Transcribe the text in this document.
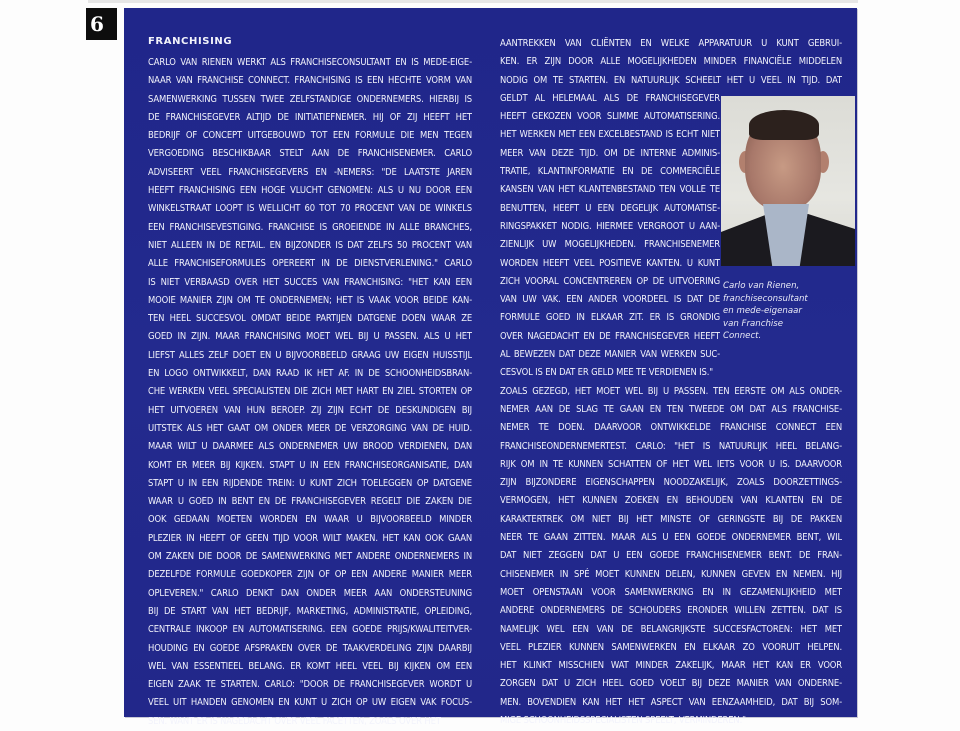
6
FRANCHISING
CARLO VAN RIENEN WERKT ALS FRANCHISECONSULTANT EN IS MEDE-EIGE-
NAAR VAN FRANCHISE CONNECT. FRANCHISING IS EEN HECHTE VORM VAN
SAMENWERKING TUSSEN TWEE ZELFSTANDIGE ONDERNEMERS. HIERBIJ IS
DE FRANCHISEGEVER ALTIJD DE INITIATIEFNEMER. HIJ OF ZIJ HEEFT HET
BEDRIJF OF CONCEPT UITGEBOUWD TOT EEN FORMULE DIE MEN TEGEN
VERGOEDING BESCHIKBAAR STELT AAN DE FRANCHISENEMER. CARLO
ADVISEERT VEEL FRANCHISEGEVERS EN -NEMERS: "DE LAATSTE JAREN
HEEFT FRANCHISING EEN HOGE VLUCHT GENOMEN: ALS U NU DOOR EEN
WINKELSTRAAT LOOPT IS WELLICHT 60 TOT 70 PROCENT VAN DE WINKELS
EEN FRANCHISEVESTIGING. FRANCHISE IS GROEIENDE IN ALLE BRANCHES,
NIET ALLEEN IN DE RETAIL. EN BIJZONDER IS DAT ZELFS 50 PROCENT VAN
ALLE FRANCHISEFORMULES OPEREERT IN DE DIENSTVERLENING." CARLO
IS NIET VERBAASD OVER HET SUCCES VAN FRANCHISING: "HET KAN EEN
MOOIE MANIER ZIJN OM TE ONDERNEMEN; HET IS VAAK VOOR BEIDE KAN-
TEN HEEL SUCCESVOL OMDAT BEIDE PARTIJEN DATGENE DOEN WAAR ZE
GOED IN ZIJN. MAAR FRANCHISING MOET WEL BIJ U PASSEN. ALS U HET
LIEFST ALLES ZELF DOET EN U BIJVOORBEELD GRAAG UW EIGEN HUISSTIJL
EN LOGO ONTWIKKELT, DAN RAAD IK HET AF. IN DE SCHOONHEIDSBRAN-
CHE WERKEN VEEL SPECIALISTEN DIE ZICH MET HART EN ZIEL STORTEN OP
HET UITVOEREN VAN HUN BEROEP. ZIJ ZIJN ECHT DE DESKUNDIGEN BIJ
UITSTEK ALS HET GAAT OM ONDER MEER DE VERZORGING VAN DE HUID.
MAAR WILT U DAARMEE ALS ONDERNEMER UW BROOD VERDIENEN, DAN
KOMT ER MEER BIJ KIJKEN. STAPT U IN EEN FRANCHISEORGANISATIE, DAN
STAPT U IN EEN RIJDENDE TREIN: U KUNT ZICH TOELEGGEN OP DATGENE
WAAR U GOED IN BENT EN DE FRANCHISEGEVER REGELT DIE ZAKEN DIE
OOK GEDAAN MOETEN WORDEN EN WAAR U BIJVOORBEELD MINDER
PLEZIER IN HEEFT OF GEEN TIJD VOOR WILT MAKEN. HET KAN OOK GAAN
OM ZAKEN DIE DOOR DE SAMENWERKING MET ANDERE ONDERNEMERS IN
DEZELFDE FORMULE GOEDKOPER ZIJN OF OP EEN ANDERE MANIER MEER
OPLEVEREN." CARLO DENKT DAN ONDER MEER AAN ONDERSTEUNING
BIJ DE START VAN HET BEDRIJF, MARKETING, ADMINISTRATIE, OPLEIDING,
CENTRALE INKOOP EN AUTOMATISERING. EEN GOEDE PRIJS/KWALITEITVER-
HOUDING EN GOEDE AFSPRAKEN OVER DE TAAKVERDELING ZIJN DAARBIJ
WEL VAN ESSENTIEEL BELANG. ER KOMT HEEL VEEL BIJ KIJKEN OM EEN
EIGEN ZAAK TE STARTEN. CARLO: "DOOR DE FRANCHISEGEVER WORDT U
VEEL UIT HANDEN GENOMEN EN KUNT U ZICH OP UW EIGEN VAK FOCUS-
SEN. WANT ER IS NAGEDACHT OVER VEEL FACETTEN, ZOALS OVER HET
AANTREKKEN VAN CLIËNTEN EN WELKE APPARATUUR U KUNT GEBRUI-
KEN. ER ZIJN DOOR ALLE MOGELIJKHEDEN MINDER FINANCIËLE MIDDELEN
NODIG OM TE STARTEN. EN NATUURLIJK SCHEELT HET U VEEL IN TIJD. DAT
GELDT AL HELEMAAL ALS DE FRANCHISEGEVER
HEEFT GEKOZEN VOOR SLIMME AUTOMATISERING.
HET WERKEN MET EEN EXCELBESTAND IS ECHT NIET
MEER VAN DEZE TIJD. OM DE INTERNE ADMINIS-
TRATIE, KLANTINFORMATIE EN DE COMMERCIËLE
KANSEN VAN HET KLANTENBESTAND TEN VOLLE TE
BENUTTEN, HEEFT U EEN DEGELIJK AUTOMATISE-
RINGSPAKKET NODIG. HIERMEE VERGROOT U AAN-
ZIENLIJK UW MOGELIJKHEDEN. FRANCHISENEMER
WORDEN HEEFT VEEL POSITIEVE KANTEN. U KUNT
ZICH VOORAL CONCENTREREN OP DE UITVOERING
VAN UW VAK. EEN ANDER VOORDEEL IS DAT DE
FORMULE GOED IN ELKAAR ZIT. ER IS GRONDIG
OVER NAGEDACHT EN DE FRANCHISEGEVER HEEFT
AL BEWEZEN DAT DEZE MANIER VAN WERKEN SUC-
CESVOL IS EN DAT ER GELD MEE TE VERDIENEN IS."
ZOALS GEZEGD, HET MOET WEL BIJ U PASSEN. TEN EERSTE OM ALS ONDER-
NEMER AAN DE SLAG TE GAAN EN TEN TWEEDE OM DAT ALS FRANCHISE-
NEMER TE DOEN. DAARVOOR ONTWIKKELDE FRANCHISE CONNECT EEN
FRANCHISEONDERNEMERTEST. CARLO: "HET IS NATUURLIJK HEEL BELANG-
RIJK OM IN TE KUNNEN SCHATTEN OF HET WEL IETS VOOR U IS. DAARVOOR
ZIJN BIJZONDERE EIGENSCHAPPEN NOODZAKELIJK, ZOALS DOORZETTINGS-
VERMOGEN, HET KUNNEN ZOEKEN EN BEHOUDEN VAN KLANTEN EN DE
KARAKTERTREK OM NIET BIJ HET MINSTE OF GERINGSTE BIJ DE PAKKEN
NEER TE GAAN ZITTEN. MAAR ALS U EEN GOEDE ONDERNEMER BENT, WIL
DAT NIET ZEGGEN DAT U EEN GOEDE FRANCHISENEMER BENT. DE FRAN-
CHISENEMER IN SPÉ MOET KUNNEN DELEN, KUNNEN GEVEN EN NEMEN. HIJ
MOET OPENSTAAN VOOR SAMENWERKING EN IN GEZAMENLIJKHEID MET
ANDERE ONDERNEMERS DE SCHOUDERS ERONDER WILLEN ZETTEN. DAT IS
NAMELIJK WEL EEN VAN DE BELANGRIJKSTE SUCCESFACTOREN: HET MET
VEEL PLEZIER KUNNEN SAMENWERKEN EN ELKAAR ZO VOORUIT HELPEN.
HET KLINKT MISSCHIEN WAT MINDER ZAKELIJK, MAAR HET KAN ER VOOR
ZORGEN DAT U ZICH HEEL GOED VOELT BIJ DEZE MANIER VAN ONDERNE-
MEN. BOVENDIEN KAN HET HET ASPECT VAN EENZAAMHEID, DAT BIJ SOM-
MIGE SCHOONHEIDSSPECIALISTEN SPEELT, VERMINDEREN."
Carlo van Rienen,
franchiseconsultant
en mede-eigenaar
van Franchise
Connect.
